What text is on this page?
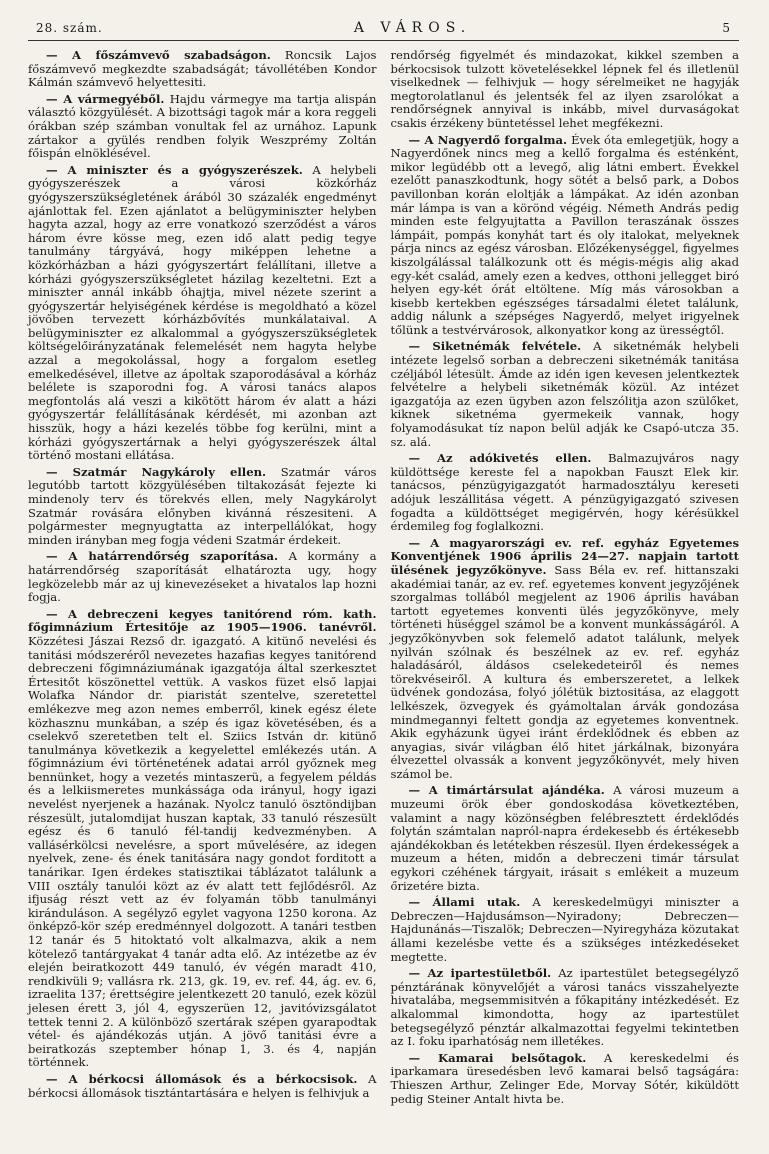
28. szám.	A VÁROS.	5

— A főszámvevő szabadságon. Roncsik Lajos főszámvevő megkezdte szabadságát; távollétében Kondor Kálmán számvevő helyettesiti.

— A vármegyéből. Hajdu vármegye ma tartja alispán választó közgyülését. A bizottsági tagok már a kora reggeli órákban szép számban vonultak fel az urnához. Lapunk zártakor a gyülés rendben folyik Weszprémy Zoltán főispán elnöklésével.

— A miniszter és a gyógyszerészek. A helybeli gyógyszerészek a városi közkórház gyógyszerszükségletének árából 30 százalék engedményt ajánlottak fel. Ezen ajánlatot a belügyminiszter helyben hagyta azzal, hogy az erre vonatkozó szerződést a város három évre kösse meg, ezen idő alatt pedig tegye tanulmány tárgyává, hogy miképpen lehetne a közkórházban a házi gyógyszertárt felállítani, illetve a kórházi gyógyszerszükségletet házilag kezeltetni. Ezt a miniszter annál inkább óhajtja, mivel nézete szerint a gyógyszertár helyiségének kérdése is megoldható a közel jövőben tervezett kórházbővítés munkálataival. A belügyminiszter ez alkalommal a gyógyszerszükségletek költségelőirányzatának felemelését nem hagyta helybe azzal a megokolással, hogy a forgalom esetleg emelkedésével, illetve az ápoltak szaporodásával a kórház belélete is szaporodni fog. A városi tanács alapos megfontolás alá veszi a kikötött három év alatt a házi gyógyszertár felállításának kérdését, mi azonban azt hisszük, hogy a házi kezelés többe fog kerülni, mint a kórházi gyógyszertárnak a helyi gyógyszerészek által történő mostani ellátása.

— Szatmár Nagykároly ellen. Szatmár város legutóbb tartott közgyülésében tiltakozását fejezte ki mindenoly terv és törekvés ellen, mely Nagykárolyt Szatmár rovására előnyben kivánná részesiteni. A polgármester megnyugtatta az interpellálókat, hogy minden irányban meg fogja védeni Szatmár érdekeit.

— A határrendőrség szaporítása. A kormány a határrendőrség szaporítását elhatározta ugy, hogy legközelebb már az uj kinevezéseket a hivatalos lap hozni fogja.

— A debreczeni kegyes tanitórend róm. kath. főgimnázium Értesitője az 1905—1906. tanévről. Közzétesi Jászai Rezső dr. igazgató. A kitünő nevelési és tanitási módszeréről nevezetes hazafias kegyes tanitórend debreczeni főgimnáziumának igazgatója által szerkesztet Értesitőt köszönettel vettük. A vaskos füzet első lapjai Wolafka Nándor dr. piaristát szentelve, szeretettel emlékezve meg azon nemes emberről, kinek egész élete közhasznu munkában, a szép és igaz követésében, és a cselekvő szeretetben telt el. Sziics István dr. kitünő tanulmánya következik a kegyelettel emlékezés után. A főgimnázium évi történetének adatai arról győznek meg bennünket, hogy a vezetés mintaszerü, a fegyelem példás és a lelkiismeretes munkássága oda irányul, hogy igazi nevelést nyerjenek a hazának. Nyolcz tanuló ösztöndijban részesült, jutalomdijat huszan kaptak, 33 tanuló részesült egész és 6 tanuló fél-tandij kedvezményben. A vallásérkölcsi nevelésre, a sport művelésére, az idegen nyelvek, zene- és ének tanitására nagy gondot forditott a tanárikar. Igen érdekes statisztikai táblázatot találunk a VIII osztály tanulói közt az év alatt tett fejlődésről. Az ifjuság részt vett az év folyamán több tanulmányi kiránduláson. A segélyző egylet vagyona 1250 korona. Az önképző-kör szép eredménnyel dolgozott. A tanári testben 12 tanár és 5 hitoktató volt alkalmazva, akik a nem kötelező tantárgyakat 4 tanár adta elő. Az intézetbe az év elején beiratkozott 449 tanuló, év végén maradt 410, rendkivüli 9; vallásra rk. 213, gk. 19, ev. ref. 44, ág. ev. 6, izraelita 137; érettségire jelentkezett 20 tanuló, ezek közül jelesen érett 3, jól 4, egyszerüen 12, javitóvizsgálatot tettek tenni 2. A különböző szertárak szépen gyarapodtak vétel- és ajándékozás utján. A jövő tanitási évre a beiratkozás szeptember hónap 1, 3. és 4, napján történnek.

— A bérkocsi állomások és a bérkocsisok. A bérkocsi állomások tisztántartására e helyen is felhivjuk a

rendőrség figyelmét és mindazokat, kikkel szemben a bérkocsisok tulzott követelésekkel lépnek fel és illetlenül viselkednek — felhivjuk — hogy sérelmeiket ne hagyják megtorolatlanul és jelentsék fel az ilyen zsarolókat a rendőrségnek annyival is inkább, mivel durvaságokat csakis érzékeny büntetéssel lehet megfékezni.

— A Nagyerdő forgalma. Évek óta emlegetjük, hogy a Nagyerdőnek nincs meg a kellő forgalma és esténként, mikor legüdébb ott a levegő, alig látni embert. Évekkel ezelőtt panaszkodtunk, hogy sötét a belső park, a Dobos pavillonban korán eloltják a lámpákat. Az idén azonban már lámpa is van a körönd végéig. Németh András pedig minden este felgyujtatta a Pavillon teraszának összes lámpáit, pompás konyhát tart és oly italokat, melyeknek párja nincs az egész városban. Előzékenységgel, figyelmes kiszolgálással találkozunk ott és mégis-mégis alig akad egy-két család, amely ezen a kedves, otthoni jellegget biró helyen egy-két órát eltöltene. Míg más városokban a kisebb kertekben egészséges társadalmi életet találunk, addig nálunk a szépséges Nagyerdő, melyet irigyelnek tőlünk a testvérvárosok, alkonyatkor kong az ürességtől.

— Siketnémák felvétele. A siketnémák helybeli intézete legelső sorban a debreczeni siketnémák tanitása czéljából létesült. Ámde az idén igen kevesen jelentkeztek felvételre a helybeli siketnémák közül. Az intézet igazgatója az ezen ügyben azon felszólitja azon szülőket, kiknek siketnéma gyermekeik vannak, hogy folyamodásukat tíz napon belül adják ke Csapó-utcza 35. sz. alá.

— Az adókivetés ellen. Balmazujváros nagy küldöttsége kereste fel a napokban Fauszt Elek kir. tanácsos, pénzügyigazgatót harmadosztályu kereseti adójuk leszállitása végett. A pénzügyigazgató szivesen fogadta a küldöttséget megigérvén, hogy kérésükkel érdemileg fog foglalkozni.

— A magyarországi ev. ref. egyház Egyetemes Konventjének 1906 április 24—27. napjain tartott ülésének jegyzőkönyve. Sass Béla ev. ref. hittanszaki akadémiai tanár, az ev. ref. egyetemes konvent jegyzőjének szorgalmas tollából megjelent az 1906 április havában tartott egyetemes konventi ülés jegyzőkönyve, mely történeti hüséggel számol be a konvent munkásságáról. A jegyzőkönyvben sok felemelő adatot találunk, melyek nyilván szólnak és beszélnek az ev. ref. egyház haladásáról, áldásos cselekedeteiről és nemes törekvéseiről. A kultura és emberszeretet, a lelkek üdvének gondozása, folyó jólétük biztositása, az elaggott lelkészek, özvegyek és gyámoltalan árvák gondozása mindmegannyi feltett gondja az egyetemes konventnek. Akik egyházunk ügyei iránt érdeklődnek és ebben az anyagias, sivár világban élő hitet járkálnak, bizonyára élvezettel olvassák a konvent jegyzőkönyvét, mely hiven számol be.

— A timártársulat ajándéka. A városi muzeum a muzeumi örök éber gondoskodása következtében, valamint a nagy közönségben felébresztett érdeklődés folytán számtalan napról-napra érdekesebb és értékesebb ajándékokban és letétekben részesül. Ilyen érdekességek a muzeum a héten, midőn a debreczeni timár társulat egykori czéhének tárgyait, irásait s emlékeit a muzeum őrizetére bizta.

— Állami utak. A kereskedelmügyi miniszter a Debreczen—Hajdusámson—Nyiradony; Debreczen—Hajdunánás—Tiszalök; Debreczen—Nyiregyháza közutakat állami kezelésbe vette és a szükséges intézkedéseket megtette.

— Az ipartestületből. Az ipartestület betegsegélyző pénztárának könyvelőjét a városi tanács visszahelyezte hivatalába, megsemmisitvén a főkapitány intézkedését. Ez alkalommal kimondotta, hogy az ipartestület betegsegélyző pénztár alkalmazottai fegyelmi tekintetben az I. foku iparhatóság nem illetékes.

— Kamarai belsőtagok. A kereskedelmi és iparkamara üresedésben levő kamarai belső tagságára: Thieszen Arthur, Zelinger Ede, Morvay Sótér, kiküldött pedig Steiner Antalt hivta be.
